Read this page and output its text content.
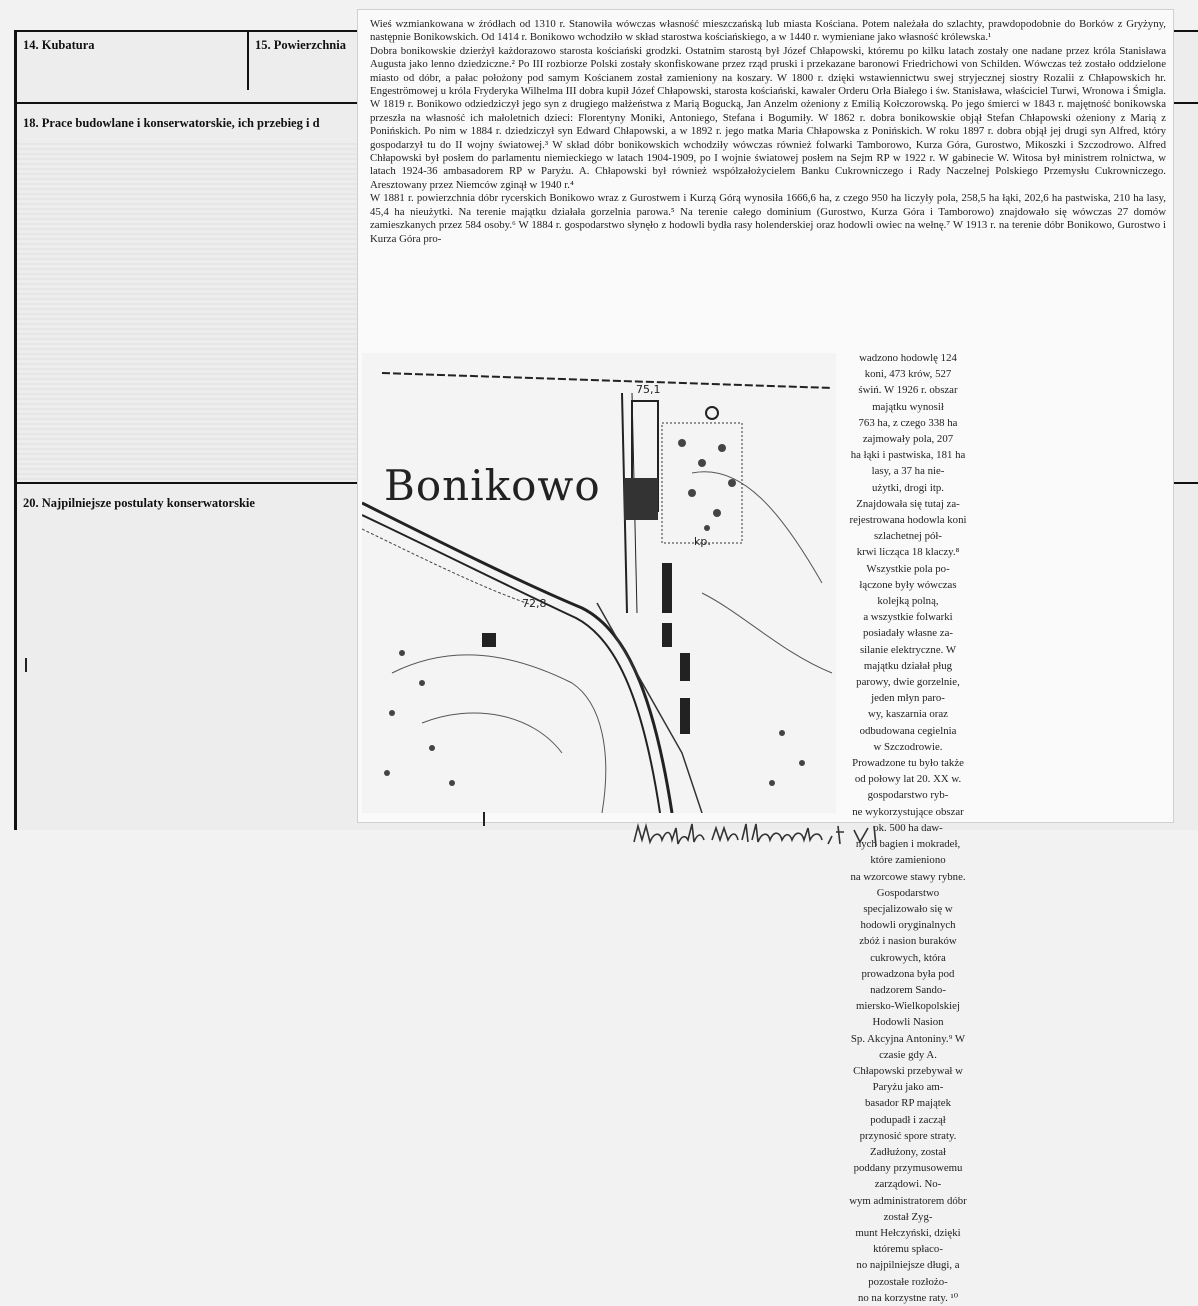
14. Kubatura	15. Powierzchnia
18. Prace budowlane i konserwatorskie, ich przebieg i d
20. Najpilniejsze postulaty konserwatorskie

Wieś wzmiankowana w źródłach od 1310 r. Stanowiła wówczas własność mieszczańską lub miasta Kościana. Potem należała do szlachty, prawdopodobnie do Borków z Gryżyny, następnie Bonikowskich. Od 1414 r. Bonikowo wchodziło w skład starostwa kościańskiego, a w 1440 r. wymieniane jako własność królewska.¹

Dobra bonikowskie dzierżył każdorazowo starosta kościański grodzki. Ostatnim starostą był Józef Chłapowski, któremu po kilku latach zostały one nadane przez króla Stanisława Augusta jako lenno dziedziczne.² Po III rozbiorze Polski zostały skonfiskowane przez rząd pruski i przekazane baronowi Friedrichowi von Schilden. Wówczas też zostało oddzielone miasto od dóbr, a pałac położony pod samym Kościanem został zamieniony na koszary. W 1800 r. dzięki wstawiennictwu swej stryjecznej siostry Rozalii z Chłapowskich hr. Engeströmowej u króla Fryderyka Wilhelma III dobra kupił Józef Chłapowski, starosta kościański, kawaler Orderu Orła Białego i św. Stanisława, właściciel Turwi, Wronowa i Śmigla. W 1819 r. Bonikowo odziedziczył jego syn z drugiego małżeństwa z Marią Bogucką, Jan Anzelm ożeniony z Emilią Kołczorowską. Po jego śmierci w 1843 r. majętność bonikowska przeszła na własność ich małoletnich dzieci: Florentyny Moniki, Antoniego, Stefana i Bogumiły. W 1862 r. dobra bonikowskie objął Stefan Chłapowski ożeniony z Marią z Ponińskich. Po nim w 1884 r. dziedziczył syn Edward Chłapowski, a w 1892 r. jego matka Maria Chłapowska z Ponińskich. W roku 1897 r. dobra objął jej drugi syn Alfred, który gospodarzył tu do II wojny światowej.³ W skład dóbr bonikowskich wchodziły wówczas również folwarki Tamborowo, Kurza Góra, Gurostwo, Mikoszki i Szczodrowo. Alfred Chłapowski był posłem do parlamentu niemieckiego w latach 1904-1909, po I wojnie światowej posłem na Sejm RP w 1922 r. W gabinecie W. Witosa był ministrem rolnictwa, w latach 1924-36 ambasadorem RP w Paryżu. A. Chłapowski był również współzałożycielem Banku Cukrowniczego i Rady Naczelnej Polskiego Przemysłu Cukrowniczego. Aresztowany przez Niemców zginął w 1940 r.⁴

W 1881 r. powierzchnia dóbr rycerskich Bonikowo wraz z Gurostwem i Kurzą Górą wynosiła 1666,6 ha, z czego 950 ha liczyły pola, 258,5 ha łąki, 202,6 ha pastwiska, 210 ha lasy, 45,4 ha nieużytki. Na terenie majątku działała gorzelnia parowa.⁵ Na terenie całego dominium (Gurostwo, Kurza Góra i Tamborowo) znajdowało się wówczas 27 domów zamieszkanych przez 584 osoby.⁶ W 1884 r. gospodarstwo słynęło z hodowli bydła rasy holenderskiej oraz hodowli owiec na wełnę.⁷ W 1913 r. na terenie dóbr Bonikowo, Gurostwo i Kurza Góra pro-

Bonikowo
75,1
72,8
kp.

wadzono hodowlę 124 koni, 473 krów, 527

świń. W 1926 r. obszar majątku wynosił

763 ha, z czego 338 ha zajmowały pola, 207

ha łąki i pastwiska, 181 ha lasy, a 37 ha nie-

użytki, drogi itp. Znajdowała się tutaj za-

rejestrowana hodowla koni szlachetnej pół-

krwi licząca 18 klaczy.⁸ Wszystkie pola po-

łączone były wówczas kolejką polną,

a wszystkie folwarki posiadały własne za-

silanie elektryczne. W majątku działał pług

parowy, dwie gorzelnie, jeden młyn paro-

wy, kaszarnia oraz odbudowana cegielnia

w Szczodrowie. Prowadzone tu było także

od połowy lat 20. XX w. gospodarstwo ryb-

ne wykorzystujące obszar ok. 500 ha daw-

nych bagien i mokradeł, które zamieniono

na wzorcowe stawy rybne. Gospodarstwo

specjalizowało się w hodowli oryginalnych

zbóż i nasion buraków cukrowych, która

prowadzona była pod nadzorem Sando-

miersko-Wielkopolskiej Hodowli Nasion

Sp. Akcyjna Antoniny.⁹ W czasie gdy A.

Chłapowski przebywał w Paryżu jako am-

basador RP majątek podupadł i zaczął

przynosić spore straty. Zadłużony, został

poddany przymusowemu zarządowi. No-

wym administratorem dóbr został Zyg-

munt Hełczyński, dzięki któremu spłaco-

no najpilniejsze długi, a pozostałe rozłożo-

no na korzystne raty. ¹⁰
